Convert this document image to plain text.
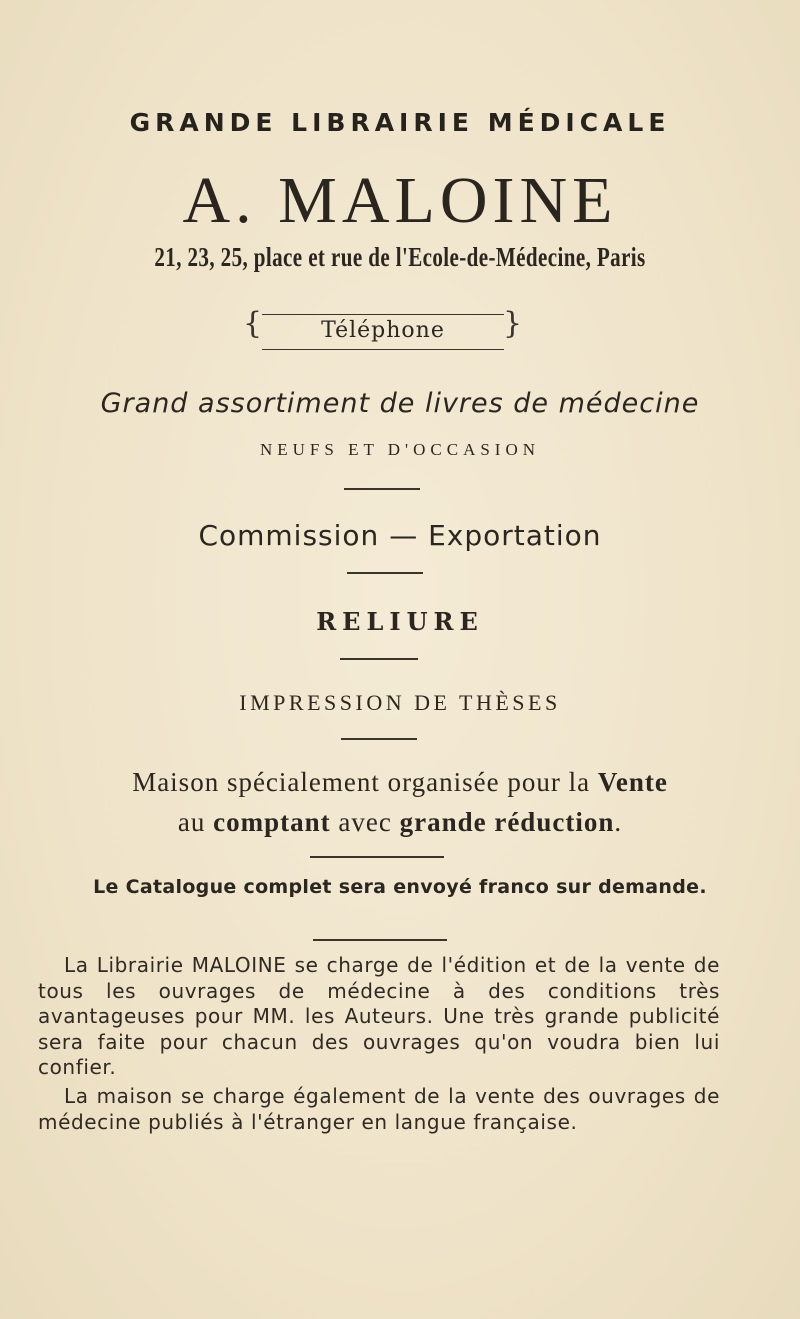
GRANDE LIBRAIRIE MÉDICALE
A. MALOINE
21, 23, 25, place et rue de l'Ecole-de-Médecine, Paris
{	Téléphone	}
Grand assortiment de livres de médecine
NEUFS ET D'OCCASION
Commission — Exportation
RELIURE
IMPRESSION DE THÈSES
Maison spécialement organisée pour la Vente
au comptant avec grande réduction.
Le Catalogue complet sera envoyé franco sur demande.
La Librairie MALOINE se charge de l'édition et de la vente de tous les ouvrages de médecine à des conditions très avantageuses pour MM. les Auteurs. Une très grande publicité sera faite pour chacun des ouvrages qu'on voudra bien lui confier.
La maison se charge également de la vente des ouvrages de médecine publiés à l'étranger en langue française.
